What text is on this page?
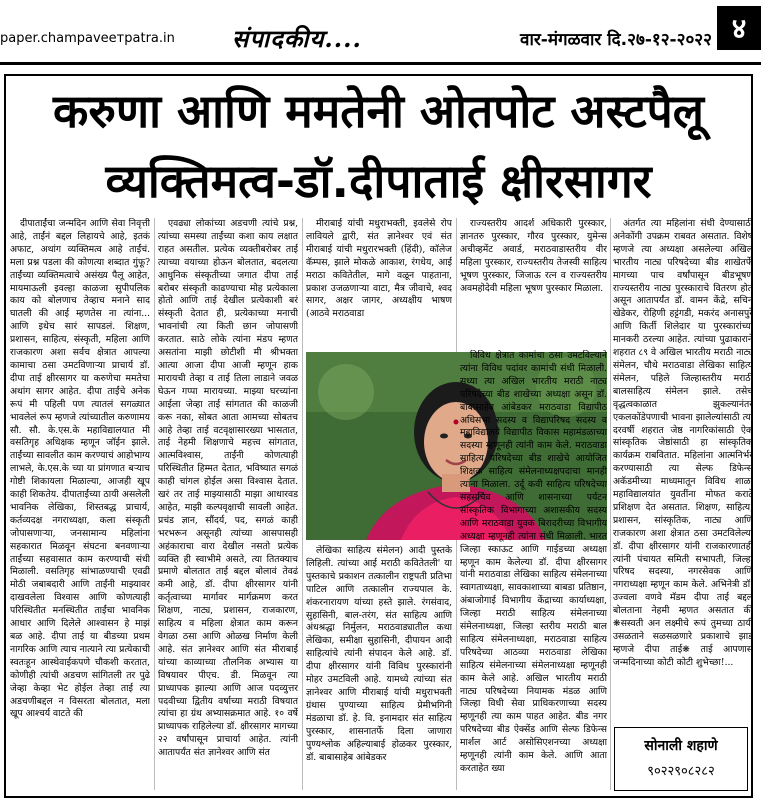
paper.champaveeтpatra.in संपादकीय....	वार-मंगळवार दि.२७-१२-२०२२ ४
करुणा आणि ममतेनी ओतपोट अस्टपैलू
व्यक्तिमत्व-डॉ.दीपाताई क्षीरसागर

दीपाताईंचा जन्मदिन आणि सेवा निवृत्ती आहे, ताईंनं बद्दल लिहायचे आहे, इतकं अफाट, अथांग व्यक्तिमत्व आहे ताईंचं. मला प्रश्न पडला की कोणत्या शब्दात गुंफू? ताईंच्या व्यक्तिमत्वाचे असंख्य पैलू आहेत, मायमाऊली इवल्हा काळजा सुपीपलिक काय को बोलणाच तेव्हाच मनाने साद घातली की आई म्हणतेस ना त्यांना... आणि इथेच सारं सापडलं. शिक्षण, प्रशासन, साहित्य, संस्कृती, महिला आणि राजकारण अशा सर्वच क्षेत्रात आपल्या कामाचा ठसा उमटविणाऱ्या प्राचार्य डॉ. दीपा ताई क्षीरसागर या करुणेचा ममतेचा अथांग सागर आहेत. दीपा ताईंचे अनेक रूपं मी पहिली पण त्यातलं सगळ्यात भावलेलं रूप म्हणजे त्यांच्यातील करुणामय सौ. सौ. के.एस.के महाविद्यालयात मी वसतिगृह अधिक्षक म्हणून जॉईन झाले. ताईंच्या सावलीत काम करण्याचं आहोभाग्य लाभले, के.एस.के च्या या प्रांगणात बऱ्याच गोष्टी शिकायला मिळाल्या, आजही खूप काही शिकतेय. दीपाताईंच्या ठायी असलेली भावनिक लेखिका, शिस्तबद्ध प्राचार्य, कर्तव्यदक्ष नगराध्यक्षा, कला संस्कृती जोपासणाऱ्या, जनसामान्य महिलांना सहकारात मिळवून संघटना बनवणाऱ्या ताईंच्या सहवासात काम करण्याची संधी मिळाली. वसतिगृह सांभाळण्याची एवढी मोठी जबाबदारी आणि ताईंनी माझ्यावर दाखवलेला विश्वास आणि कोणत्याही परिस्थितीत मनस्थितीत ताईंचा भावनिक आधार आणि दिलेले आश्वासन हे माझं बळ आहे. दीपा ताई या बीडच्या प्रथम नागरिक आणि त्याच नात्याने त्या प्रत्येकाची स्वतःहून आस्थेवाईकपणे चौकशी करतात, कोणीही त्यांची अडचण सांगितली तर पुढे जेव्हा केव्हा भेट होईल तेव्हा ताई त्या अडचणीबद्दल न विसरता बोलतात, मला खूप आश्चर्य वाटते की

एवढ्या लोकांच्या अडचणी त्यांचे प्रश्न, त्यांच्या समस्या ताईंच्या कशा काय लक्षात राहत असतील. प्रत्येक व्यक्तीबरोबर ताई त्याच्या वयाच्या होऊन बोलतात, बदलत्या आधुनिक संस्कृतीच्या जगात दीपा ताई बरोबर संस्कृती काढण्याचा मोह प्रत्येकाला होतो आणि ताई देखील प्रत्येकाशी बरं संस्कृती देतात ही, प्रत्येकाच्या मनाची भावनांची त्या किती छान जोपासणी करतात. साठे लोके त्यांना मंडप म्हणत असतांना माझी छोटीशी मी श्रीभक्ता आत्या आजा दीपा आजी म्हणून हाक मारायची तेव्हा व ताई तिला लाडाने जवळ घेऊन गप्पा मारायच्या. माझ्या घरच्यांना आईला जेव्हा ताई सांगतात की काळजी करू नका, सोबत आता आमच्या सोबतच आहे तेव्हा ताई वटवृक्षासारख्या भासतात, ताई नेहमी शिक्षणाचे महत्त्व सांगतात, आत्मविश्वास, ताईंनी कोणत्याही परिस्थितीत हिम्मत देतात, भविष्यात सगळं काही चांगल होईल असा विश्वास देतात. खरं तर ताई माझ्यासाठी माझा आधारवड आहेत, माझी कल्पवृक्षाची सावली आहेत. प्रचंड ज्ञान, सौंदर्य, पद, सगळं काही भरभरून असूनही त्यांच्या आसपासही अहंकाराचा वारा देखील नसतो प्रत्येक व्यक्ति ही स्वाभीमे असते, त्या तितक्याच प्रमाणे बोलतात ताई बद्दल बोलावं तेवढं कमी आहे, डॉ. दीपा क्षीरसागर यांनी कर्तृत्वाच्या मार्गावर मार्गक्रमण करत शिक्षण, नाट्य, प्रशासन, राजकारण, साहित्य व महिला क्षेत्रात काम करून वेगळा ठसा आणि ओळख निर्माण केली आहे. संत ज्ञानेश्वर आणि संत मीराबाई यांच्या काव्याच्या तौलनिक अभ्यास या विषयावर पीएच. डी. मिळवून त्या प्राध्यापक झाल्या आणि आज पदव्युत्तर पदवीच्या द्वितीय वर्षाच्या मराठी विषयात त्यांचा हा ग्रंथ अभ्यासक्रमात आहे. १० वर्षे प्राध्यापक राहिलेल्या डॉ. क्षीरसागर मागच्या २२ वर्षांपासून प्राचार्या आहेत. त्यांनी आतापर्यंत संत ज्ञानेश्वर आणि संत

मीराबाई यांची मधुराभक्ती, इवलेसे रोप लावियले द्वारी, संत ज्ञानेश्वर एवं संत मीराबाई यांची मधुरारभक्ती (हिंदी), कॉलेज कॅम्पस, झाले मोकळे आकाश, रंगधेय, आई मराठा कवितेतील, मागे वळून पाहताना, प्रकाश उजळणाऱ्या वाटा, मैत्र जीवाचे, श्वद सागर, अक्षर जागर, अध्यक्षीय भाषण (आठवे मराठवाडा

राज्यस्तरीय आदर्श अधिकारी पुरस्कार, ज्ञानतरु पुरस्कार, गौरव पुरस्कार, युमेन्स अचीव्हमेंट अवार्ड, मराठवाडास्तरीय वीर महिला पुरस्कार, राज्यस्तरीय तेजस्वी साहित्य भूषण पुरस्कार, जिजाऊ रत्न व राज्यस्तरीय अवमहोदेवी महिला भूषण पुरस्कार मिळाला.

लेखिका साहित्य संमेलन) आदी पुस्तके लिहिली. त्यांच्या आई मराठी कवितेतली' या पुस्तकाचे प्रकाशन तत्कालीन राष्ट्रपती प्रतिभा पाटिल आणि तत्कालीन राज्यपाल के. शंकरनारायण यांच्या हस्ते झाले. रंगसंवाद, सुहासिनी, बाल-तरंग, संत साहित्य आणि अंधश्रद्धा निर्मुलन, मराठवाड्यातील कथा लेखिका, समीक्षा सुहासिनी, दीपायन आदी साहित्यांचे त्यांनी संपादन केले आहे. डॉ. दीपा क्षीरसागर यांनी विविध पुरस्कारांनी मोहर उमटविली आहे. यामध्ये त्यांच्या संत ज्ञानेश्वर आणि मीराबाई यांची मधुराभक्ती ग्रंथास पुण्याच्या साहित्य प्रेमीभगिनी मंडळाचा डॉ. हे. वि. इनामदार संत साहित्य पुरस्कार, शासनातर्फे दिला जाणारा पुण्यश्लोक अहिल्याबाई होळकर पुरस्कार, डॉ. बाबासाहेब आंबेडकर

विविध क्षेत्रात कामांचा ठसा उमटविल्याने त्यांना विविध पदांवर कामांची संधी मिळाली. सध्या त्या अखिल भारतीय मराठी नाट्य परिषदेच्या बीड शाखेच्या अध्यक्षा असून डॉ. बाबासाहेब आंबेडकर मराठवाडा विद्यापीठ अधिसभा सदस्य व विद्यापरिषद सदस्य व महाविद्यालये विद्यापीठ विकास महामंडळाच्या सदस्या म्हणूनही त्यांनी काम केले. मराठवाडा साहित्य परिषदेच्या बीड शाखेचे आयोजित शिक्षक साहित्य संमेलनाध्यक्षपदाचा मानही त्यांना मिळाला. उर्दू कवी साहित्य परिषदेच्या सहसचिव आणि शासनाच्या पर्यटन सांस्कृतिक विभागाच्या अशासकीय सदस्य आणि मराठवाडा युवक बिरादरीच्या विभागीय अध्यक्षा म्हणूनही त्यांना संधी मिळाली. भारत जिल्हा स्काऊट आणि गाईडच्या अध्यक्षा म्हणून काम केलेल्या डॉ. दीपा क्षीरसागर यांनी मराठवाडा लेखिका साहित्य संमेलनाच्या स्वागताध्यक्षा, सावकाशाच्या बाबडा प्रतिष्ठान, अंबाजोगाई विभागीय केंद्राच्या कार्याध्यक्षा, जिल्हा मराठी साहित्य संमेलनाच्या संमेलनाध्यक्षा, जिल्हा स्तरीय मराठी बाल साहित्य संमेलनाध्यक्षा, मराठवाडा साहित्य परिषदेच्या आठव्या मराठवाडा लेखिका साहित्य संमेलनाच्या संमेलनाध्यक्षा म्हणूनही काम केले आहे. अखिल भारतीय मराठी नाट्य परिषदेच्या नियामक मंडळ आणि जिल्हा विधी सेवा प्राधिकरणाच्या सदस्य म्हणूनही त्या काम पाहत आहेत. बीड नगर परिषदेच्या बीड ऐक्सेंड आणि सेल्फ डिफेन्स मार्शल आर्ट असोसिएशनच्या अध्यक्षा म्हणूनही त्यांनी काम केले. आणि आता करताहेत ख्या

अंतर्गत त्या महिलांना संधी देण्यासाठी अनेकोंगी उपक्रम राबवत असतात. विशेष म्हणजे त्या अध्यक्षा असलेल्या अखिल भारतीय नाट्य परिषदेच्या बीड शाखेतर्फे मागच्या पाच वर्षांपासून बीडभूषण राज्यस्तरीय नाट्य पुरस्काराचे वितरण होत असून आतापर्यंत डॉ. वामन केंद्रे, सचिन खेडेकर, रोहिणी हट्टंगडी, मकरंद अनासपुरे आणि किर्ती शिलेदार या पुरस्कारांच्या मानकरी ठरल्या आहेत. त्यांच्या पुढाकाराने शहरात ८९ वे अखिल भारतीय मराठी नाट्य संमेलन, चौथे मराठवाडा लेखिका साहित्य संमेलन, पहिले जिल्हास्तरीय मराठी बालसाहित्य संमेलन झाले. तसेच वृद्धत्वकाळात झुकल्यानंतर एकलकोंडेपणाची भावना झालेल्यांसाठी त्या दरवर्षी शहरात जेष्ठ नागरिकांसाठी ऐक सांस्कृतिक जेष्ठांसाठी हा सांस्कृतिक कार्यक्रम राबवितात. महिलांना आत्मनिर्भर करण्यासाठी त्या सेल्फ डिफेन्स अकॅडमीच्या माध्यमातून विविध शाळा महाविद्यालयांत युवतींना मोफत कराटे प्रशिक्षण देत असतात. शिक्षण, साहित्य, प्रशासन, सांस्कृतिक, नाट्य आणि राजकारण अशा क्षेत्रात ठसा उमटविलेल्या डॉ. दीपा क्षीरसागर यांनी राजकारणातही त्यांनी पंचायत समिती सभापती, जिल्हा परिषद सदस्या, नगरसेवक आणि नगराध्यक्षा म्हणून काम केले. अभिनेत्री डॉ. उज्वला वणवे मॅडम दीपा ताई बद्दल बोलताना नेहमी म्हणत असतात की ❋सस्वती अन लक्ष्मीचे रूपं तुमच्या ठायी उसळताने सळसळणारे प्रकाशाचे झाड म्हणजे दीपा ताई❋ ताई आपणास जन्मदिनाच्या कोटी कोटी शुभेच्छा!...

सोनाली शहाणे
९०२२९०८२८२
